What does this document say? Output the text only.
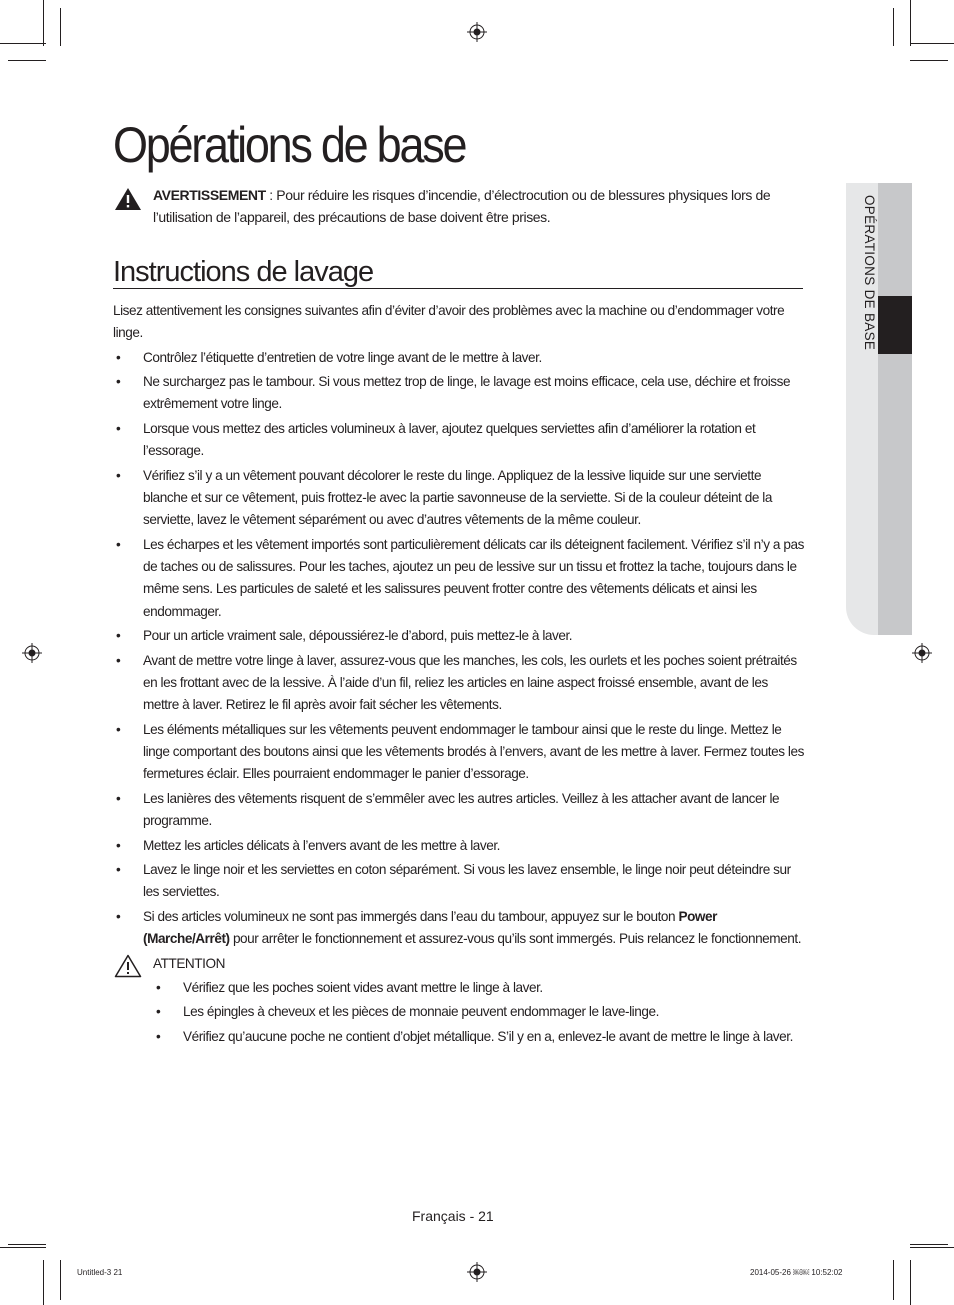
OPÉRATIONS DE BASE
Opérations de base
AVERTISSEMENT : Pour réduire les risques d’incendie, d’électrocution ou de blessures physiques lors de l’utilisation de l’appareil, des précautions de base doivent être prises.
Instructions de lavage

Lisez attentivement les consignes suivantes afin d’éviter d’avoir des problèmes avec la machine ou d’endommager votre linge.

• Contrôlez l’étiquette d’entretien de votre linge avant de le mettre à laver.
• Ne surchargez pas le tambour. Si vous mettez trop de linge, le lavage est moins efficace, cela use, déchire et froisse extrêmement votre linge.
• Lorsque vous mettez des articles volumineux à laver, ajoutez quelques serviettes afin d’améliorer la rotation et l’essorage.
• Vérifiez s’il y a un vêtement pouvant décolorer le reste du linge. Appliquez de la lessive liquide sur une serviette blanche et sur ce vêtement, puis frottez-le avec la partie savonneuse de la serviette. Si de la couleur déteint de la serviette, lavez le vêtement séparément ou avec d’autres vêtements de la même couleur.
• Les écharpes et les vêtement importés sont particulièrement délicats car ils déteignent facilement. Vérifiez s’il n’y a pas de taches ou de salissures. Pour les taches, ajoutez un peu de lessive sur un tissu et frottez la tache, toujours dans le même sens. Les particules de saleté et les salissures peuvent frotter contre des vêtements délicats et ainsi les endommager.
• Pour un article vraiment sale, dépoussiérez-le d’abord, puis mettez-le à laver.
• Avant de mettre votre linge à laver, assurez-vous que les manches, les cols, les ourlets et les poches soient prétraités en les frottant avec de la lessive. À l’aide d’un fil, reliez les articles en laine aspect froissé ensemble, avant de les mettre à laver. Retirez le fil après avoir fait sécher les vêtements.
• Les éléments métalliques sur les vêtements peuvent endommager le tambour ainsi que le reste du linge. Mettez le linge comportant des boutons ainsi que les vêtements brodés à l’envers, avant de les mettre à laver. Fermez toutes les fermetures éclair. Elles pourraient endommager le panier d’essorage.
• Les lanières des vêtements risquent de s’emmêler avec les autres articles. Veillez à les attacher avant de lancer le programme.
• Mettez les articles délicats à l’envers avant de les mettre à laver.
• Lavez le linge noir et les serviettes en coton séparément. Si vous les lavez ensemble, le linge noir peut déteindre sur les serviettes.
• Si des articles volumineux ne sont pas immergés dans l’eau du tambour, appuyez sur le bouton Power (Marche/Arrêt) pour arrêter le fonctionnement et assurez-vous qu’ils sont immergés. Puis relancez le fonctionnement.
ATTENTION
• Vérifiez que les poches soient vides avant mettre le linge à laver.
• Les épingles à cheveux et les pièces de monnaie peuvent endommager le lave-linge.
• Vérifiez qu’aucune poche ne contient d’objet métallique. S’il y en a, enlevez-le avant de mettre le linge à laver.
Français - 21
Untitled-3 21	2014-05-26 ￼￼ 10:52:02
